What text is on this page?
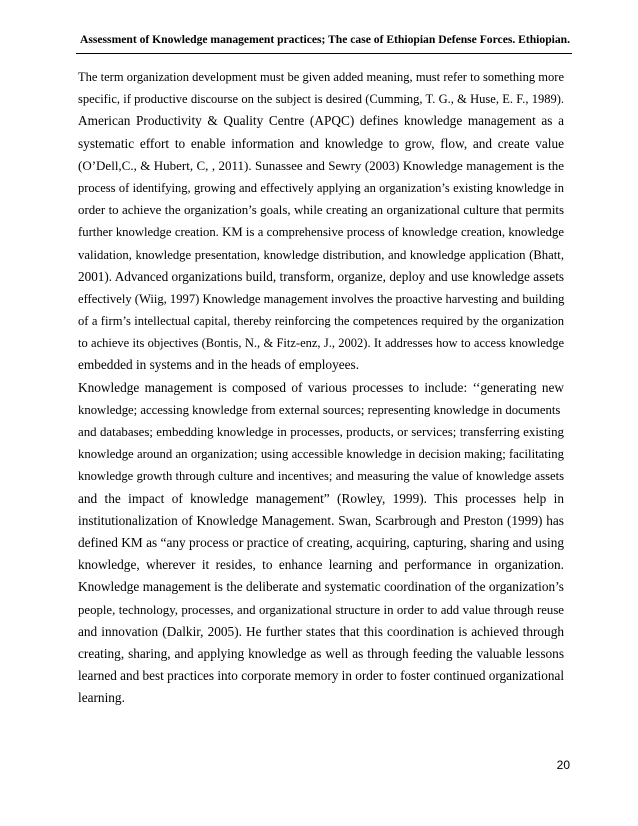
Assessment of Knowledge management practices; The case of Ethiopian Defense Forces. Ethiopian.
The term organization development must be given added meaning, must refer to something more
specific, if productive discourse on the subject is desired (Cumming, T. G., & Huse, E. F., 1989).
American Productivity & Quality Centre (APQC) defines knowledge management as a
systematic effort to enable information and knowledge to grow, flow, and create value
(O’Dell,C., & Hubert, C, , 2011). Sunassee and Sewry (2003) Knowledge management is the
process of identifying, growing and effectively applying an organization’s existing knowledge in
order to achieve the organization’s goals, while creating an organizational culture that permits
further knowledge creation. KM is a comprehensive process of knowledge creation, knowledge
validation, knowledge presentation, knowledge distribution, and knowledge application (Bhatt,
2001). Advanced organizations build, transform, organize, deploy and use knowledge assets
effectively (Wiig, 1997) Knowledge management involves the proactive harvesting and building
of a firm’s intellectual capital, thereby reinforcing the competences required by the organization
to achieve its objectives (Bontis, N., & Fitz-enz, J., 2002). It addresses how to access knowledge
embedded in systems and in the heads of employees.
Knowledge management is composed of various processes to include: ‘‘generating new
knowledge; accessing knowledge from external sources; representing knowledge in documents
and databases; embedding knowledge in processes, products, or services; transferring existing
knowledge around an organization; using accessible knowledge in decision making; facilitating
knowledge growth through culture and incentives; and measuring the value of knowledge assets
and the impact of knowledge management” (Rowley, 1999). This processes help in
institutionalization of Knowledge Management. Swan, Scarbrough and Preston (1999) has
defined KM as “any process or practice of creating, acquiring, capturing, sharing and using
knowledge, wherever it resides, to enhance learning and performance in organization.
Knowledge management is the deliberate and systematic coordination of the organization’s
people, technology, processes, and organizational structure in order to add value through reuse
and innovation (Dalkir, 2005). He further states that this coordination is achieved through
creating, sharing, and applying knowledge as well as through feeding the valuable lessons
learned and best practices into corporate memory in order to foster continued organizational
learning.
20
